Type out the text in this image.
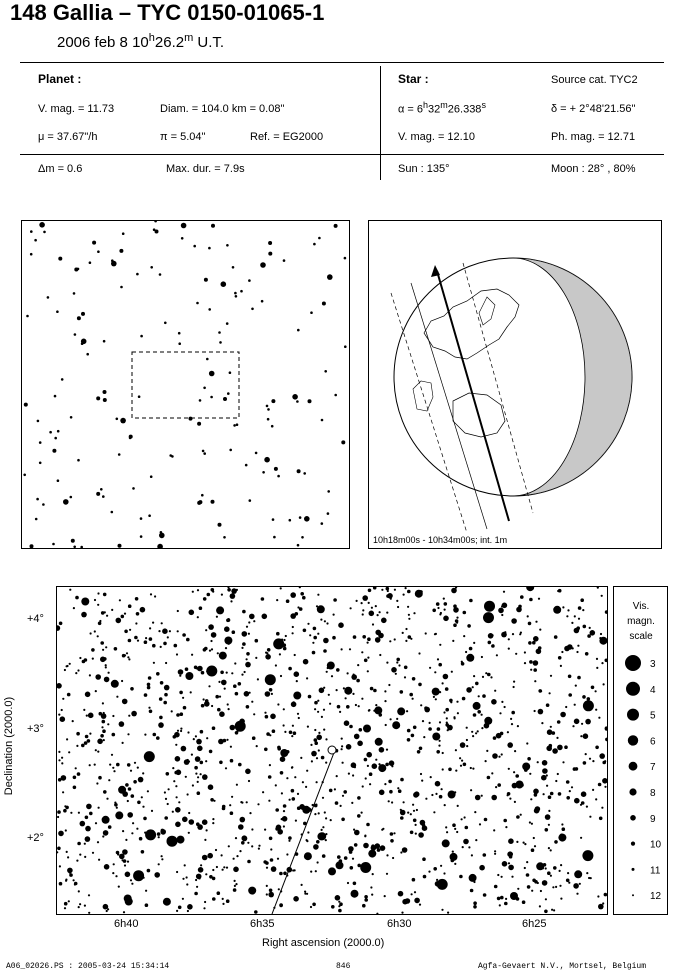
148 Gallia – TYC 0150-01065-1
2006 feb 8 10$^h$26.2$^m$ U.T.
Planet :
V. mag. = 11.73	Diam. = 104.0 km = 0.08"
μ = 37.67"/h	π = 5.04"	Ref. = EG2000
Star :	Source cat. TYC2
$\alpha = 6^h32^m26.338^s$	δ = + 2°48'21.56"
V. mag. = 12.10	Ph. mag. = 12.71
Δm = 0.6	Max. dur. = 7.9s	Sun : 135°	Moon : 28° , 80%
10h18m00s - 10h34m00s; int. 1m
+4°
+3°
+2°
Declination (2000.0)
6h40	6h35	6h30	6h25
Right ascension (2000.0)
Vis.
magn.
scale
3
4
5
6
7
8
9
10
11
12
A06_02026.PS : 2005-03-24 15:34:14	846	Agfa-Gevaert N.V., Mortsel, Belgium
